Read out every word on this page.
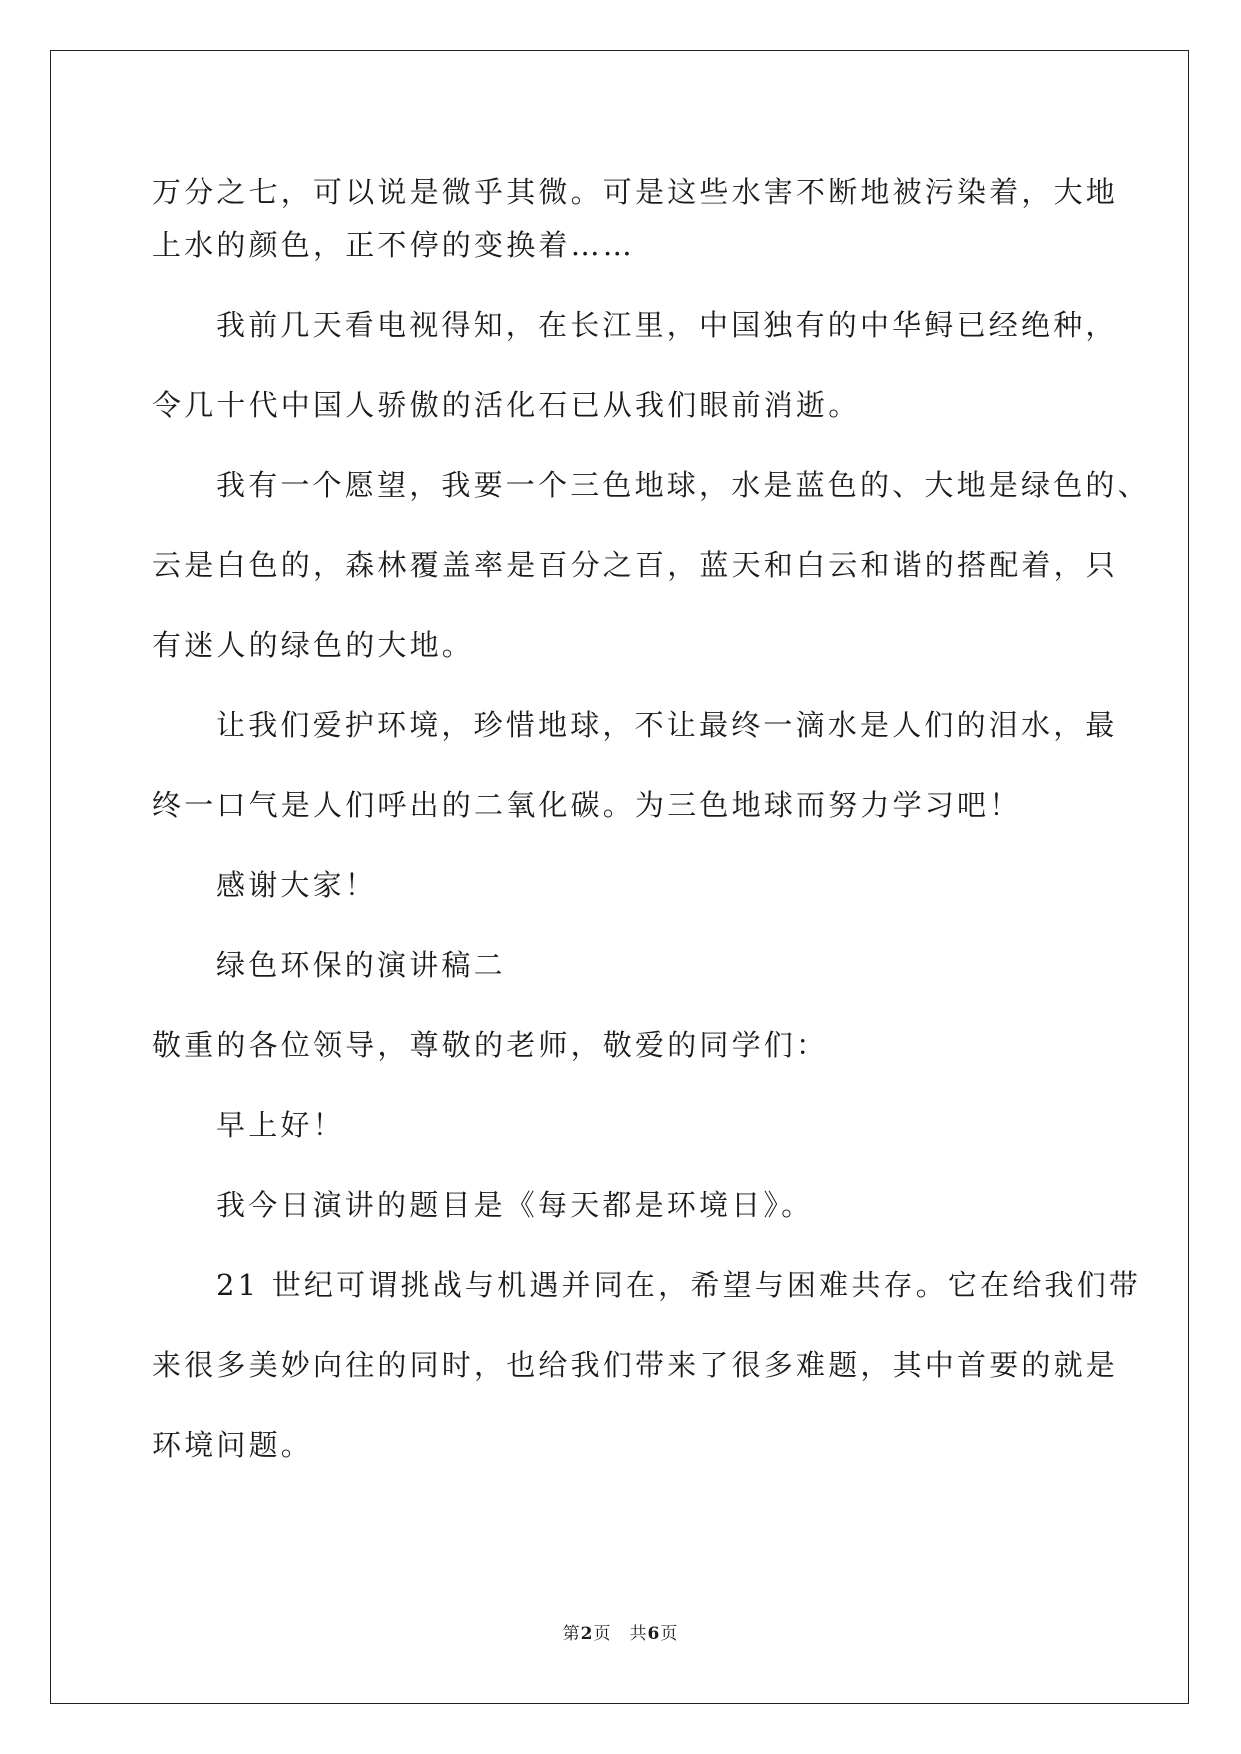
万分之七，可以说是微乎其微。可是这些水害不断地被污染着，大地
上水的颜色，正不停的变换着……
我前几天看电视得知，在长江里，中国独有的中华鲟已经绝种，
令几十代中国人骄傲的活化石已从我们眼前消逝。
我有一个愿望，我要一个三色地球，水是蓝色的、大地是绿色的、
云是白色的，森林覆盖率是百分之百，蓝天和白云和谐的搭配着，只
有迷人的绿色的大地。
让我们爱护环境，珍惜地球，不让最终一滴水是人们的泪水，最
终一口气是人们呼出的二氧化碳。为三色地球而努力学习吧！
感谢大家！
绿色环保的演讲稿二
敬重的各位领导，尊敬的老师，敬爱的同学们：
早上好！
我今日演讲的题目是《每天都是环境日》。
21 世纪可谓挑战与机遇并同在，希望与困难共存。它在给我们带
来很多美妙向往的同时，也给我们带来了很多难题，其中首要的就是
环境问题。
第2页　共6页
